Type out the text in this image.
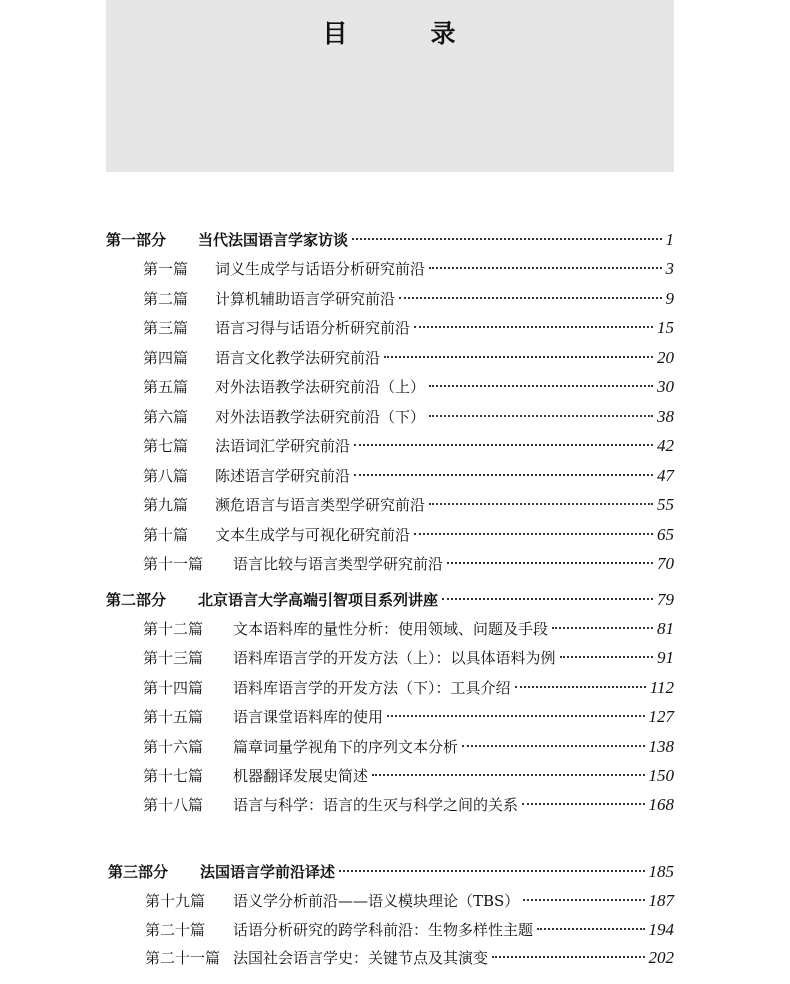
目　　　录
第一部分 当代法国语言学家访谈	1
第一篇 词义生成学与话语分析研究前沿	3
第二篇 计算机辅助语言学研究前沿	9
第三篇 语言习得与话语分析研究前沿	15
第四篇 语言文化教学法研究前沿	20
第五篇 对外法语教学法研究前沿（上）	30
第六篇 对外法语教学法研究前沿（下）	38
第七篇 法语词汇学研究前沿	42
第八篇 陈述语言学研究前沿	47
第九篇 濒危语言与语言类型学研究前沿	55
第十篇 文本生成学与可视化研究前沿	65
第十一篇 语言比较与语言类型学研究前沿	70
第二部分 北京语言大学高端引智项目系列讲座	79
第十二篇 文本语料库的量性分析：使用领域、问题及手段	81
第十三篇 语料库语言学的开发方法（上）：以具体语料为例	91
第十四篇 语料库语言学的开发方法（下）：工具介绍	112
第十五篇 语言课堂语料库的使用	127
第十六篇 篇章词量学视角下的序列文本分析	138
第十七篇 机器翻译发展史简述	150
第十八篇 语言与科学：语言的生灭与科学之间的关系	168
第三部分 法国语言学前沿译述	185
第十九篇 语义学分析前沿——语义模块理论（TBS）	187
第二十篇 话语分析研究的跨学科前沿：生物多样性主题	194
第二十一篇 法国社会语言学史：关键节点及其演变	202
